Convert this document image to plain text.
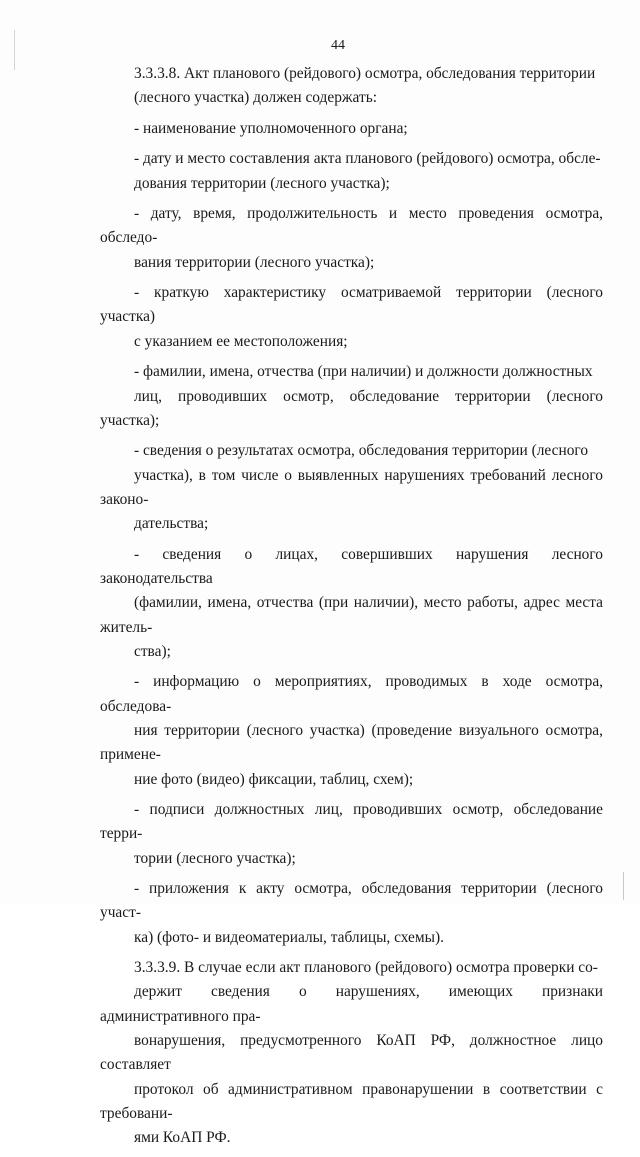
44

3.3.3.8. Акт планового (рейдового) осмотра, обследования территории
(лесного участка) должен содержать:

- наименование уполномоченного органа;

- дату и место составления акта планового (рейдового) осмотра, обсле-
дования территории (лесного участка);

- дату, время, продолжительность и место проведения осмотра, обследо-
вания территории (лесного участка);

- краткую характеристику осматриваемой территории (лесного участка)
с указанием ее местоположения;

- фамилии, имена, отчества (при наличии) и должности должностных
лиц, проводивших осмотр, обследование территории (лесного участка);

- сведения о результатах осмотра, обследования территории (лесного
участка), в том числе о выявленных нарушениях требований лесного законо-
дательства;

- сведения о лицах, совершивших нарушения лесного законодательства
(фамилии, имена, отчества (при наличии), место работы, адрес места житель-
ства);

- информацию о мероприятиях, проводимых в ходе осмотра, обследова-
ния территории (лесного участка) (проведение визуального осмотра, примене-
ние фото (видео) фиксации, таблиц, схем);

- подписи должностных лиц, проводивших осмотр, обследование терри-
тории (лесного участка);

- приложения к акту осмотра, обследования территории (лесного участ-
ка) (фото- и видеоматериалы, таблицы, схемы).

3.3.3.9. В случае если акт планового (рейдового) осмотра проверки со-
держит сведения о нарушениях, имеющих признаки административного пра-
вонарушения, предусмотренного КоАП РФ, должностное лицо составляет
протокол об административном правонарушении в соответствии с требовани-
ями КоАП РФ.
